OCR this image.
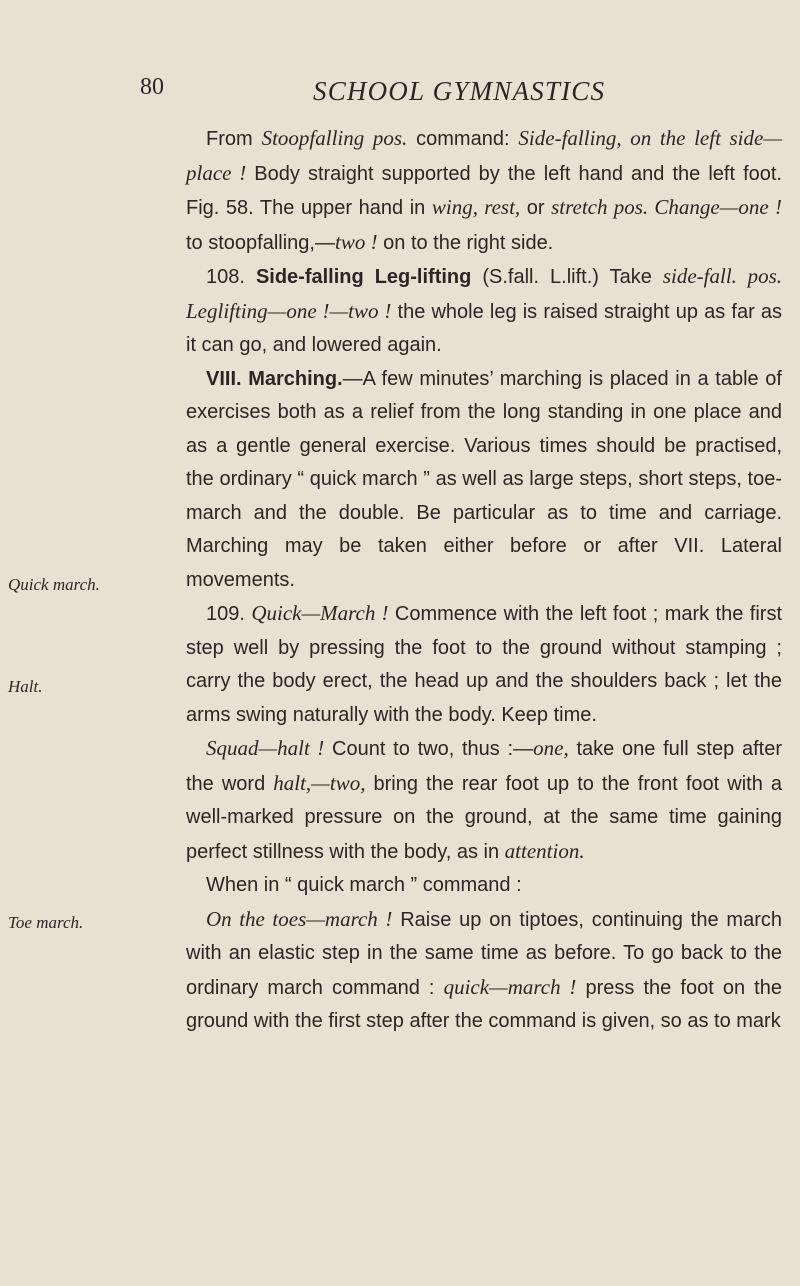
80	SCHOOL GYMNASTICS
Quick march.
Halt.
Toe march.

From Stoopfalling pos. command: Side-falling, on the left side—place ! Body straight supported by the left hand and the left foot. Fig. 58. The upper hand in wing, rest, or stretch pos. Change—one ! to stoopfalling,—two ! on to the right side.

108. Side-falling Leg-lifting (S.fall. L.lift.) Take side-fall. pos. Leglifting—one !—two ! the whole leg is raised straight up as far as it can go, and lowered again.

VIII. Marching.—A few minutes’ marching is placed in a table of exercises both as a relief from the long standing in one place and as a gentle general exercise. Various times should be practised, the ordinary “ quick march ” as well as large steps, short steps, toe-march and the double. Be particular as to time and carriage. Marching may be taken either before or after VII. Lateral movements.

109. Quick—March ! Commence with the left foot ; mark the first step well by pressing the foot to the ground without stamping ; carry the body erect, the head up and the shoulders back ; let the arms swing naturally with the body. Keep time.

Squad—halt ! Count to two, thus :—one, take one full step after the word halt,—two, bring the rear foot up to the front foot with a well-marked pressure on the ground, at the same time gaining perfect stillness with the body, as in attention.

When in “ quick march ” command :

On the toes—march ! Raise up on tiptoes, continuing the march with an elastic step in the same time as before. To go back to the ordinary march command : quick—march ! press the foot on the ground with the first step after the command is given, so as to mark
